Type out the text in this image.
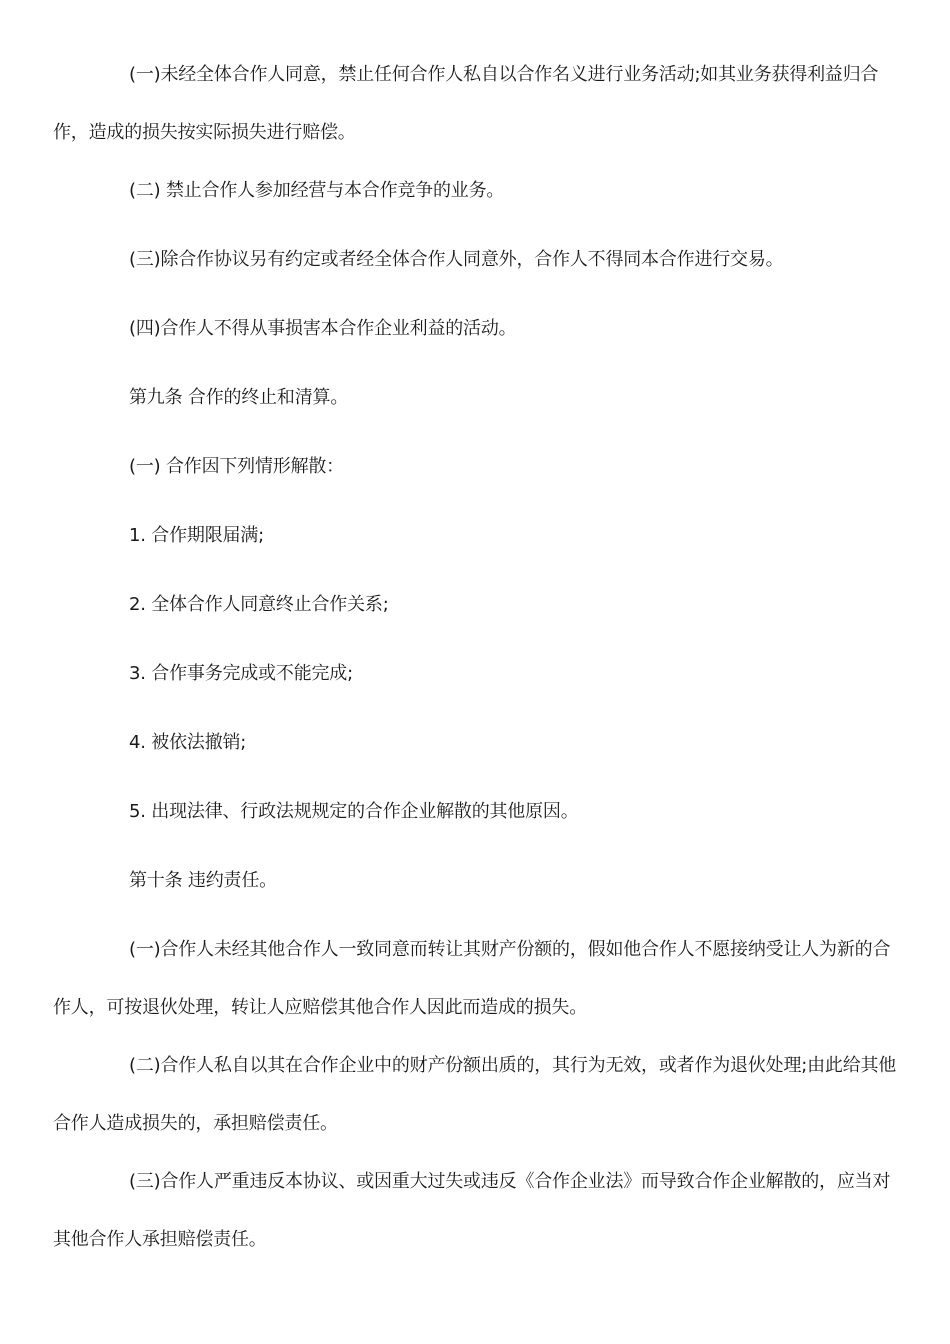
(一)未经全体合作人同意，禁止任何合作人私自以合作名义进行业务活动;如其业务获得利益归合作，造成的损失按实际损失进行赔偿。

(二) 禁止合作人参加经营与本合作竞争的业务。

(三)除合作协议另有约定或者经全体合作人同意外，合作人不得同本合作进行交易。

(四)合作人不得从事损害本合作企业利益的活动。

第九条 合作的终止和清算。

(一) 合作因下列情形解散：

1. 合作期限届满;

2. 全体合作人同意终止合作关系;

3. 合作事务完成或不能完成;

4. 被依法撤销;

5. 出现法律、行政法规规定的合作企业解散的其他原因。

第十条 违约责任。

(一)合作人未经其他合作人一致同意而转让其财产份额的，假如他合作人不愿接纳受让人为新的合作人，可按退伙处理，转让人应赔偿其他合作人因此而造成的损失。

(二)合作人私自以其在合作企业中的财产份额出质的，其行为无效，或者作为退伙处理;由此给其他合作人造成损失的，承担赔偿责任。

(三)合作人严重违反本协议、或因重大过失或违反《合作企业法》而导致合作企业解散的，应当对其他合作人承担赔偿责任。
